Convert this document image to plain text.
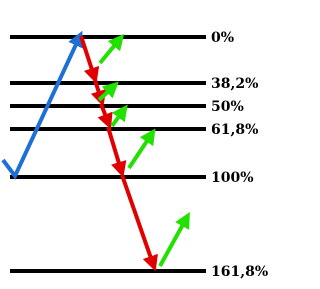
0%
38,2%
50%
61,8%
100%
161,8%
